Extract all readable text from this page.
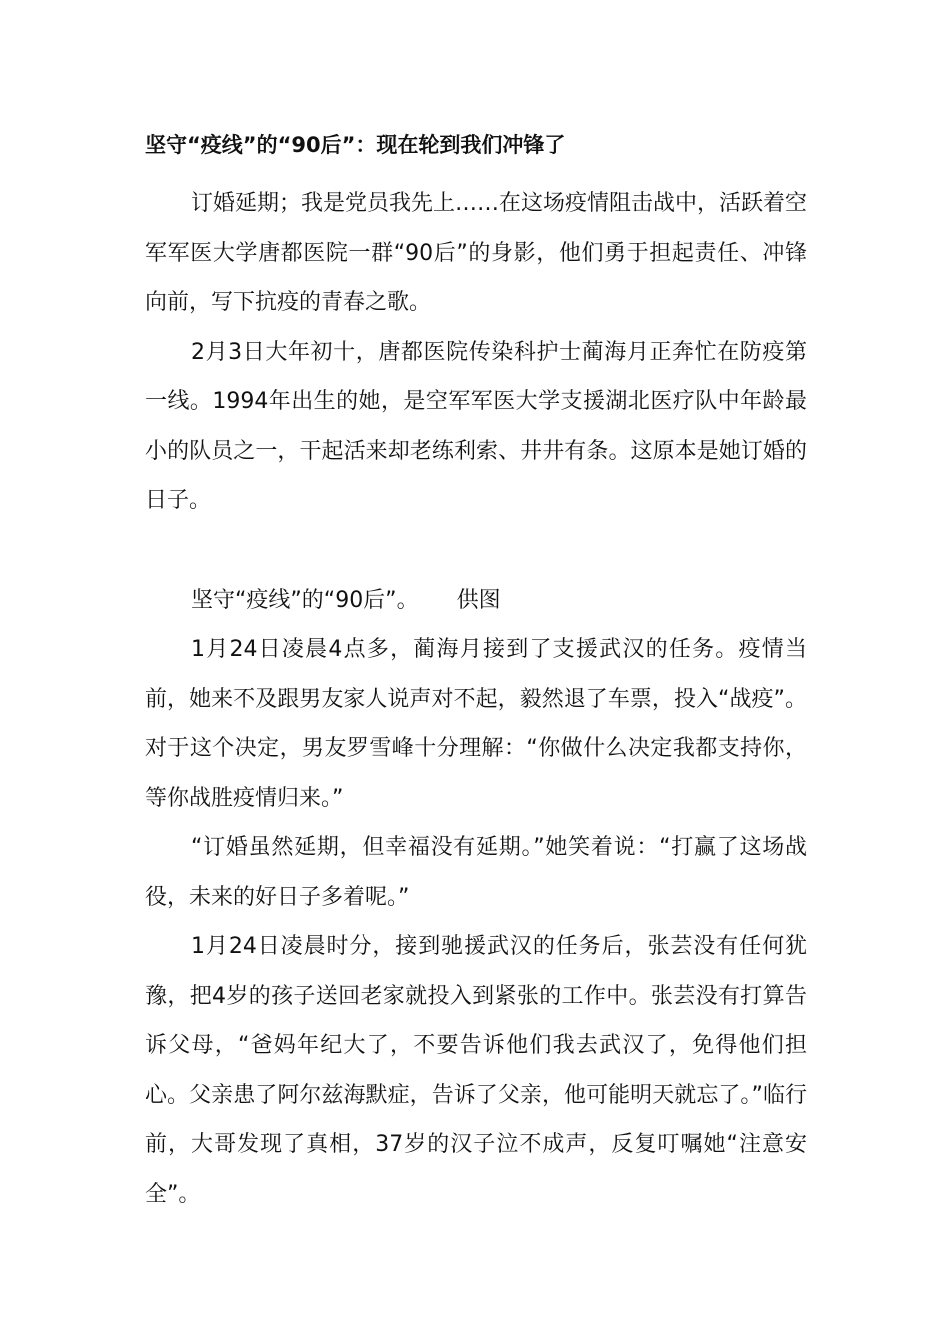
坚守“疫线”的“90后”：现在轮到我们冲锋了

订婚延期；我是党员我先上……在这场疫情阻击战中，活跃着空军军医大学唐都医院一群“90后”的身影，他们勇于担起责任、冲锋向前，写下抗疫的青春之歌。

2月3日大年初十，唐都医院传染科护士蔺海月正奔忙在防疫第一线。1994年出生的她，是空军军医大学支援湖北医疗队中年龄最小的队员之一，干起活来却老练利索、井井有条。这原本是她订婚的日子。

坚守“疫线”的“90后”。 供图

1月24日凌晨4点多，蔺海月接到了支援武汉的任务。疫情当前，她来不及跟男友家人说声对不起，毅然退了车票，投入“战疫”。对于这个决定，男友罗雪峰十分理解：“你做什么决定我都支持你，等你战胜疫情归来。”

“订婚虽然延期，但幸福没有延期。”她笑着说：“打赢了这场战役，未来的好日子多着呢。”

1月24日凌晨时分，接到驰援武汉的任务后，张芸没有任何犹豫，把4岁的孩子送回老家就投入到紧张的工作中。张芸没有打算告诉父母，“爸妈年纪大了，不要告诉他们我去武汉了，免得他们担心。父亲患了阿尔兹海默症，告诉了父亲，他可能明天就忘了。”临行前，大哥发现了真相，37岁的汉子泣不成声，反复叮嘱她“注意安全”。
